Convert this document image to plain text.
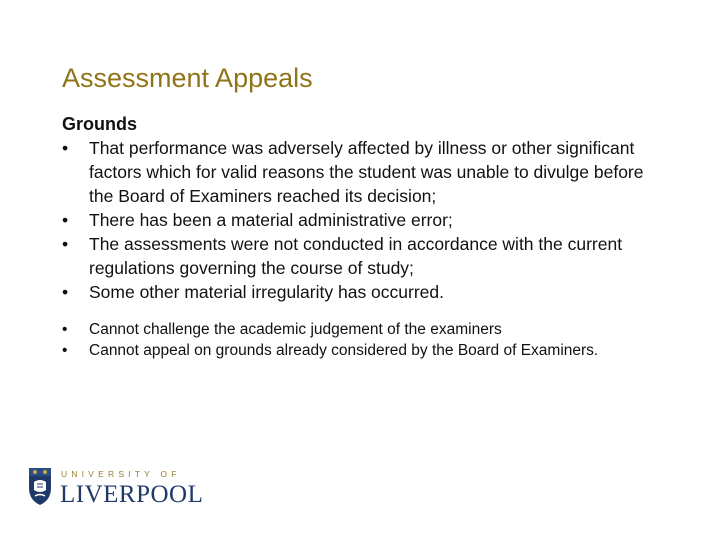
Assessment Appeals
Grounds
•	That performance was adversely affected by illness or other significant factors which for valid reasons the student was unable to divulge before the Board of Examiners reached its decision;
•	There has been a material administrative error;
•	The assessments were not conducted in accordance with the current regulations governing the course of study;
•	Some other material irregularity has occurred.
•	Cannot challenge the academic judgement of the examiners
•	Cannot appeal on grounds already considered by the Board of Examiners.
UNIVERSITY OF
LIVERPOOL
